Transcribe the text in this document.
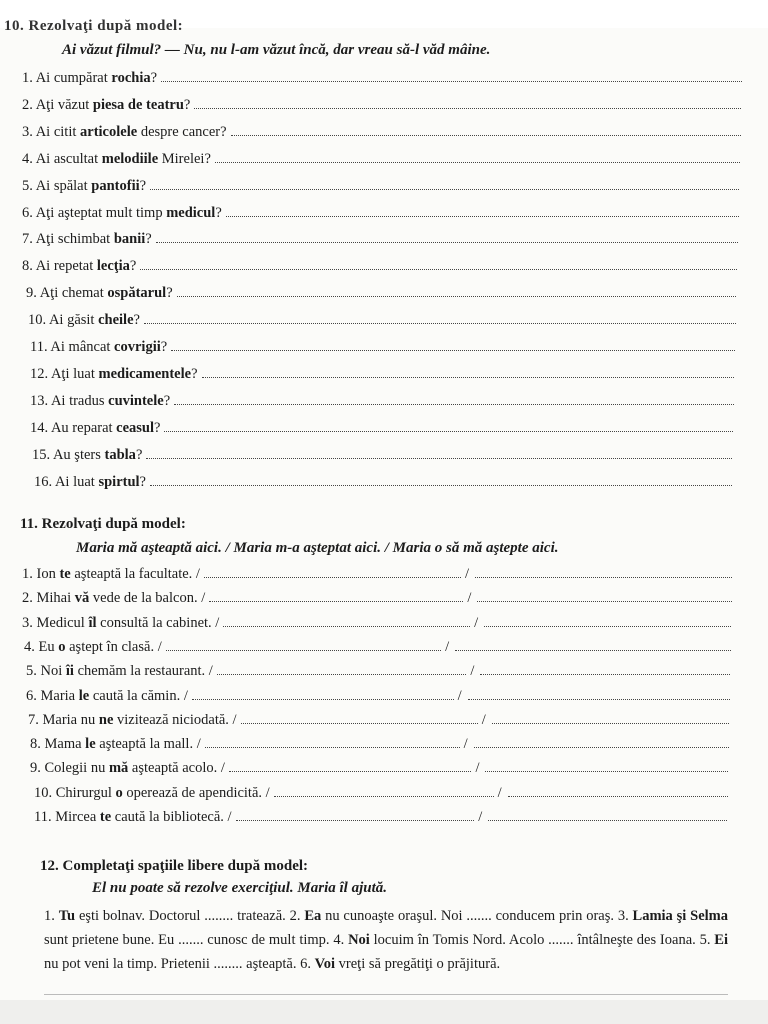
10. Rezolvaţi după model:
Ai văzut filmul? — Nu, nu l-am văzut încă, dar vreau să-l văd mâine.
1. Ai cumpărat rochia?
2. Aţi văzut piesa de teatru?
3. Ai citit articolele despre cancer?
4. Ai ascultat melodiile Mirelei?
5. Ai spălat pantofii?
6. Aţi aşteptat mult timp medicul?
7. Aţi schimbat banii?
8. Ai repetat lecţia?
9. Aţi chemat ospătarul?
10. Ai găsit cheile?
11. Ai mâncat covrigii?
12. Aţi luat medicamentele?
13. Ai tradus cuvintele?
14. Au reparat ceasul?
15. Au şters tabla?
16. Ai luat spirtul?
11. Rezolvaţi după model:
Maria mă aşteaptă aici. / Maria m-a aşteptat aici. / Maria o să mă aştepte aici.
1. Ion te aşteaptă la facultate. /	/
2. Mihai vă vede de la balcon. /	/
3. Medicul îl consultă la cabinet. /	/
4. Eu o aştept în clasă. /	/
5. Noi îi chemăm la restaurant. /	/
6. Maria le caută la cămin. /	/
7. Maria nu ne vizitează niciodată. /	/
8. Mama le aşteaptă la mall. /	/
9. Colegii nu mă aşteaptă acolo. /	/
10. Chirurgul o operează de apendicită. /	/
11. Mircea te caută la bibliotecă. /	/
12. Completaţi spaţiile libere după model:
El nu poate să rezolve exerciţiul. Maria îl ajută.
1. Tu eşti bolnav. Doctorul ........ tratează. 2. Ea nu cunoaşte oraşul. Noi ....... conducem prin oraş. 3. Lamia şi Selma sunt prietene bune. Eu ....... cunosc de mult timp. 4. Noi locuim în Tomis Nord. Acolo ....... întâlneşte des Ioana. 5. Ei nu pot veni la timp. Prietenii ........ aşteaptă. 6. Voi vreţi să pregătiţi o prăjitură.
